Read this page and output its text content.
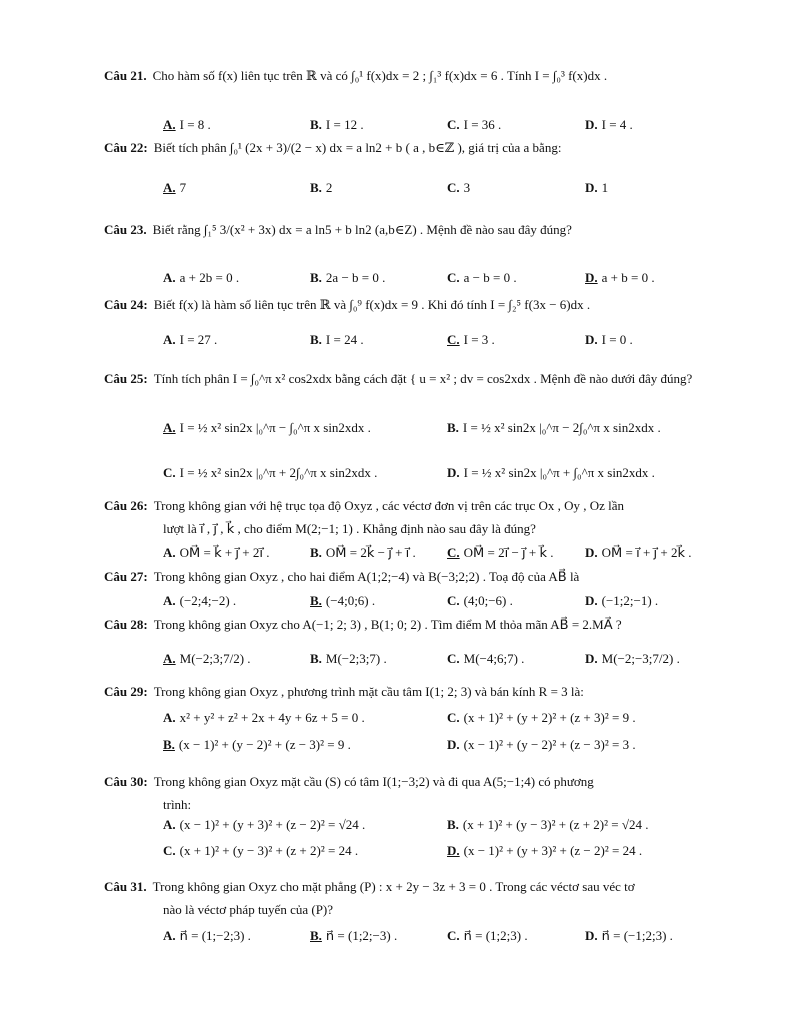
Câu 21. Cho hàm số f(x) liên tục trên ℝ và có ∫₀¹ f(x)dx = 2 ; ∫₁³ f(x)dx = 6 . Tính I = ∫₀³ f(x)dx .
A. I = 8 .	B. I = 12 .	C. I = 36 .	D. I = 4 .
Câu 22: Biết tích phân ∫₀¹ (2x + 3)/(2 − x) dx = a ln2 + b ( a , b∈ℤ ), giá trị của a bằng:
A. 7	B. 2	C. 3	D. 1
Câu 23. Biết rằng ∫₁⁵ 3/(x² + 3x) dx = a ln5 + b ln2 (a,b∈Z) . Mệnh đề nào sau đây đúng?
A. a + 2b = 0 .	B. 2a − b = 0 .	C. a − b = 0 .	D. a + b = 0 .
Câu 24: Biết f(x) là hàm số liên tục trên ℝ và ∫₀⁹ f(x)dx = 9 . Khi đó tính I = ∫₂⁵ f(3x − 6)dx .
A. I = 27 .	B. I = 24 .	C. I = 3 .	D. I = 0 .
Câu 25: Tính tích phân I = ∫₀^π x² cos2xdx bằng cách đặt { u = x² ; dv = cos2xdx . Mệnh đề nào dưới đây đúng?
A. I = ½ x² sin2x |₀^π − ∫₀^π x sin2xdx .	B. I = ½ x² sin2x |₀^π − 2∫₀^π x sin2xdx .
C. I = ½ x² sin2x |₀^π + 2∫₀^π x sin2xdx .	D. I = ½ x² sin2x |₀^π + ∫₀^π x sin2xdx .
Câu 26: Trong không gian với hệ trục tọa độ Oxyz , các véctơ đơn vị trên các trục Ox , Oy , Oz lần
lượt là i⃗ , j⃗ , k⃗ , cho điểm M(2;−1; 1) . Khẳng định nào sau đây là đúng?
A. OM⃗ = k⃗ + j⃗ + 2i⃗ .	B. OM⃗ = 2k⃗ − j⃗ + i⃗ . C. OM⃗ = 2i⃗ − j⃗ + k⃗ . D. OM⃗ = i⃗ + j⃗ + 2k⃗ .
Câu 27: Trong không gian Oxyz , cho hai điểm A(1;2;−4) và B(−3;2;2) . Toạ độ của AB⃗ là
A. (−2;4;−2) .	B. (−4;0;6) .	C. (4;0;−6) .	D. (−1;2;−1) .
Câu 28: Trong không gian Oxyz cho A(−1; 2; 3) , B(1; 0; 2) . Tìm điểm M thỏa mãn AB⃗ = 2.MA⃗ ?
A. M(−2;3;7/2) .	B. M(−2;3;7) .	C. M(−4;6;7) .	D. M(−2;−3;7/2) .
Câu 29: Trong không gian Oxyz , phương trình mặt cầu tâm I(1; 2; 3) và bán kính R = 3 là:
A. x² + y² + z² + 2x + 4y + 6z + 5 = 0 .	C. (x + 1)² + (y + 2)² + (z + 3)² = 9 .
B. (x − 1)² + (y − 2)² + (z − 3)² = 9 .	D. (x − 1)² + (y − 2)² + (z − 3)² = 3 .
Câu 30: Trong không gian Oxyz mặt cầu (S) có tâm I(1;−3;2) và đi qua A(5;−1;4) có phương
trình:
A. (x − 1)² + (y + 3)² + (z − 2)² = √24 .	B. (x + 1)² + (y − 3)² + (z + 2)² = √24 .
C. (x + 1)² + (y − 3)² + (z + 2)² = 24 .	D. (x − 1)² + (y + 3)² + (z − 2)² = 24 .
Câu 31. Trong không gian Oxyz cho mặt phẳng (P) : x + 2y − 3z + 3 = 0 . Trong các véctơ sau véc tơ
nào là véctơ pháp tuyến của (P)?
A. n⃗ = (1;−2;3) .	B. n⃗ = (1;2;−3) .	C. n⃗ = (1;2;3) .	D. n⃗ = (−1;2;3) .
